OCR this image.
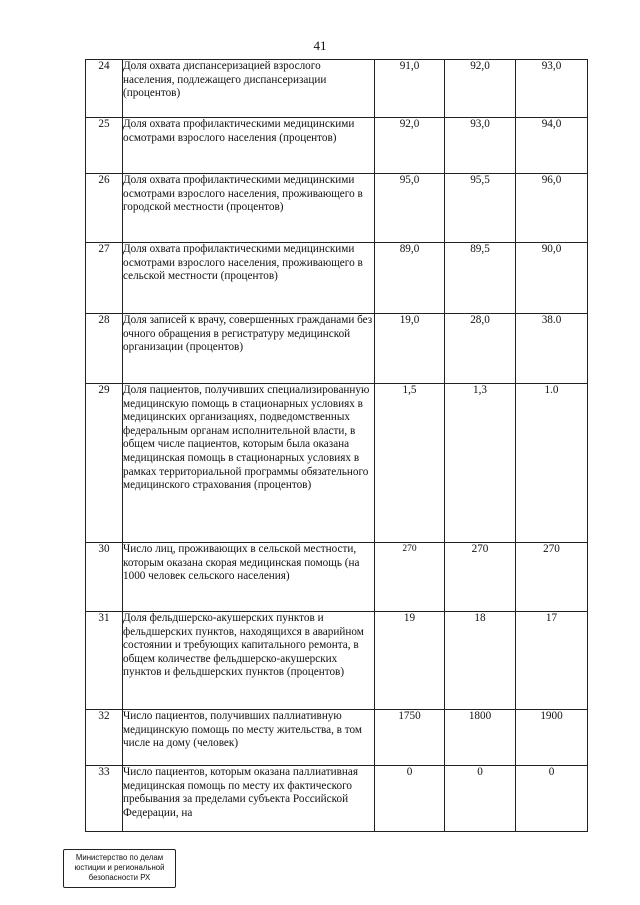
41
24	Доля охвата диспансеризацией взрослого населения, подлежащего диспансеризации (процентов)	91,0	92,0	93,0
25	Доля охвата профилактическими медицинскими осмотрами взрослого населения (процентов)	92,0	93,0	94,0
26	Доля охвата профилактическими медицинскими осмотрами взрослого населения, проживающего в городской местности (процентов)	95,0	95,5	96,0
27	Доля охвата профилактическими медицинскими осмотрами взрослого населения, проживающего в сельской местности (процентов)	89,0	89,5	90,0
28	Доля записей к врачу, совершенных гражданами без очного обращения в регистратуру медицинской организации (процентов)	19,0	28,0	38.0
29	Доля пациентов, получивших специализированную медицинскую помощь в стационарных условиях в медицинских организациях, подведомственных федеральным органам исполнительной власти, в общем числе пациентов, которым была оказана медицинская помощь в стационарных условиях в рамках территориальной программы обязательного медицинского страхования (процентов)	1,5	1,3	1.0
30	Число лиц, проживающих в сельской местности, которым оказана скорая медицинская помощь (на 1000 человек сельского населения)	270	270	270
31	Доля фельдшерско-акушерских пунктов и фельдшерских пунктов, находящихся в аварийном состоянии и требующих капитального ремонта, в общем количестве фельдшерско-акушерских пунктов и фельдшерских пунктов (процентов)	19	18	17
32	Число пациентов, получивших паллиативную медицинскую помощь по месту жительства, в том числе на дому (человек)	1750	1800	1900
33	Число пациентов, которым оказана паллиативная медицинская помощь по месту их фактического пребывания за пределами субъекта Российской Федерации, на	0	0	0
Министерство по делам
юстиции и региональной
безопасности РХ
